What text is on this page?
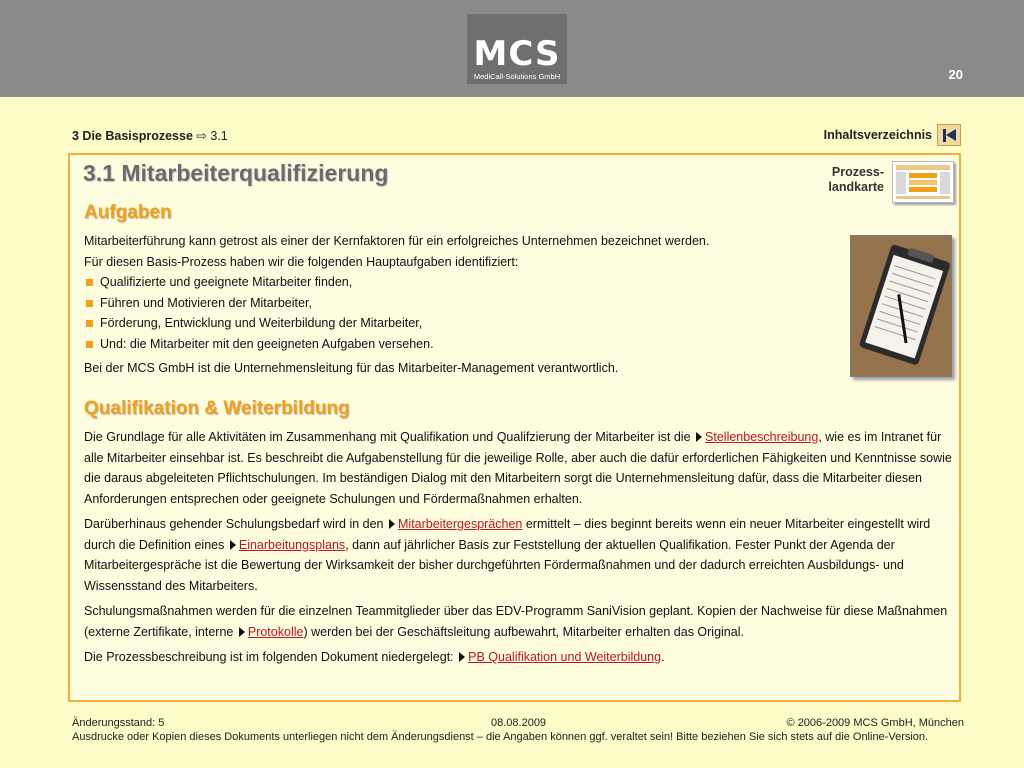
MCS
MediCall-Solutions GmbH	20
3 Die Basisprozesse ⇨ 3.1	Inhaltsverzeichnis
3.1 Mitarbeiterqualifizierung	Prozess-
landkarte
Aufgaben
Mitarbeiterführung kann getrost als einer der Kernfaktoren für ein erfolgreiches Unternehmen bezeichnet werden.
Für diesen Basis-Prozess haben wir die folgenden Hauptaufgaben identifiziert:
Qualifizierte und geeignete Mitarbeiter finden,
Führen und Motivieren der Mitarbeiter,
Förderung, Entwicklung und Weiterbildung der Mitarbeiter,
Und: die Mitarbeiter mit den geeigneten Aufgaben versehen.
Bei der MCS GmbH ist die Unternehmensleitung für das Mitarbeiter-Management verantwortlich.
Qualifikation & Weiterbildung
Die Grundlage für alle Aktivitäten im Zusammenhang mit Qualifikation und Qualifzierung der Mitarbeiter ist die Stellenbeschreibung, wie es im Intranet für alle Mitarbeiter einsehbar ist. Es beschreibt die Aufgabenstellung für die jeweilige Rolle, aber auch die dafür erforderlichen Fähigkeiten und Kenntnisse sowie die daraus abgeleiteten Pflichtschulungen. Im beständigen Dialog mit den Mitarbeitern sorgt die Unternehmensleitung dafür, dass die Mitarbeiter diesen Anforderungen entsprechen oder geeignete Schulungen und Fördermaßnahmen erhalten.
Darüberhinaus gehender Schulungsbedarf wird in den Mitarbeitergesprächen ermittelt – dies beginnt bereits wenn ein neuer Mitarbeiter eingestellt wird durch die Definition eines Einarbeitungsplans, dann auf jährlicher Basis zur Feststellung der aktuellen Qualifikation. Fester Punkt der Agenda der Mitarbeitergespräche ist die Bewertung der Wirksamkeit der bisher durchgeführten Fördermaßnahmen und der dadurch erreichten Ausbildungs- und Wissensstand des Mitarbeiters.
Schulungsmaßnahmen werden für die einzelnen Teammitglieder über das EDV-Programm SaniVision geplant. Kopien der Nachweise für diese Maßnahmen (externe Zertifikate, interne Protokolle) werden bei der Geschäftsleitung aufbewahrt, Mitarbeiter erhalten das Original.
Die Prozessbeschreibung ist im folgenden Dokument niedergelegt: PB Qualifikation und Weiterbildung.
Änderungsstand: 5	08.08.2009	© 2006-2009 MCS GmbH, München
Ausdrucke oder Kopien dieses Dokuments unterliegen nicht dem Änderungsdienst – die Angaben können ggf. veraltet sein! Bitte beziehen Sie sich stets auf die Online-Version.
